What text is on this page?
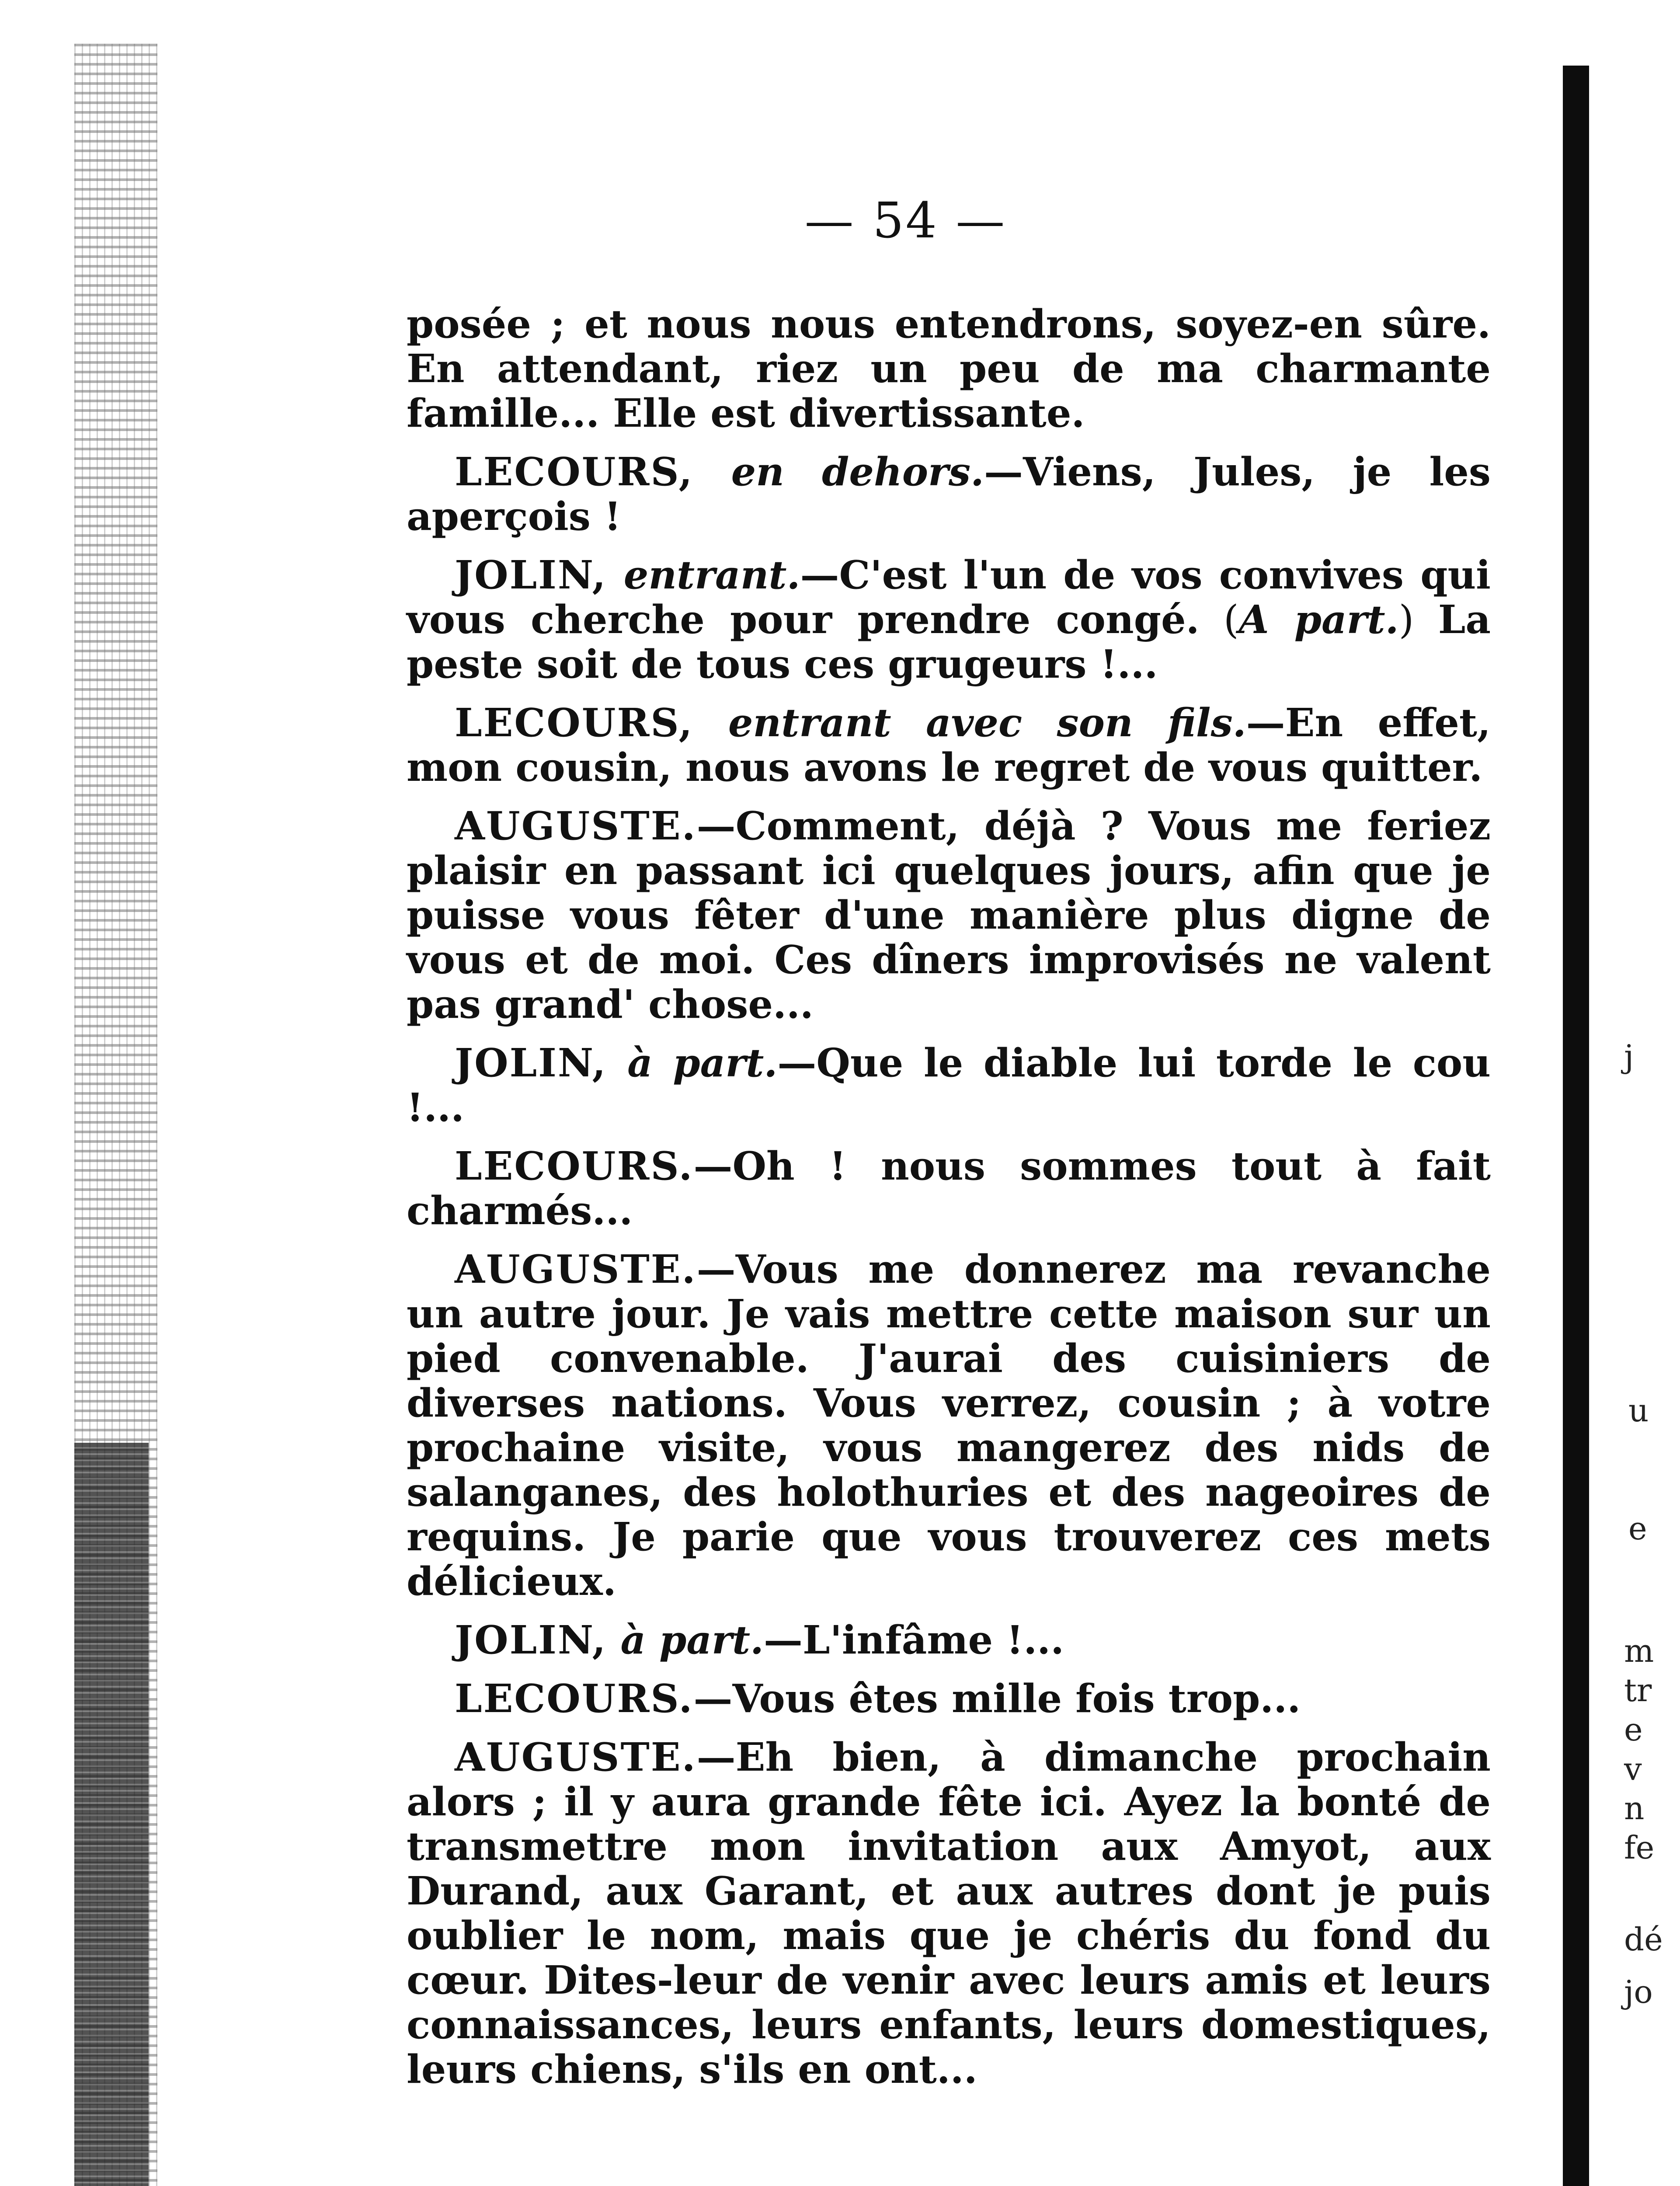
j
u
e
m
tr
e
v
n
fe
dé
jo
— 54 —

posée ; et nous nous entendrons, soyez-en sûre. En attendant, riez un peu de ma charmante famille... Elle est divertissante.

LECOURS, en dehors.—Viens, Jules, je les aperçois !

JOLIN, entrant.—C'est l'un de vos convives qui vous cherche pour prendre congé. (A part.) La peste soit de tous ces grugeurs !...

LECOURS, entrant avec son fils.—En effet, mon cousin, nous avons le regret de vous quitter.

AUGUSTE.—Comment, déjà ? Vous me feriez plaisir en passant ici quelques jours, afin que je puisse vous fêter d'une manière plus digne de vous et de moi. Ces dîners improvisés ne valent pas grand' chose...

JOLIN, à part.—Que le diable lui torde le cou !...

LECOURS.—Oh ! nous sommes tout à fait charmés...

AUGUSTE.—Vous me donnerez ma revanche un autre jour. Je vais mettre cette maison sur un pied convenable. J'aurai des cuisiniers de diverses nations. Vous verrez, cousin ; à votre prochaine visite, vous mangerez des nids de salanganes, des holothuries et des nageoires de requins. Je parie que vous trouverez ces mets délicieux.

JOLIN, à part.—L'infâme !...

LECOURS.—Vous êtes mille fois trop...

AUGUSTE.—Eh bien, à dimanche prochain alors ; il y aura grande fête ici. Ayez la bonté de transmettre mon invitation aux Amyot, aux Durand, aux Garant, et aux autres dont je puis oublier le nom, mais que je chéris du fond du cœur. Dites-leur de venir avec leurs amis et leurs connaissances, leurs enfants, leurs domestiques, leurs chiens, s'ils en ont...
